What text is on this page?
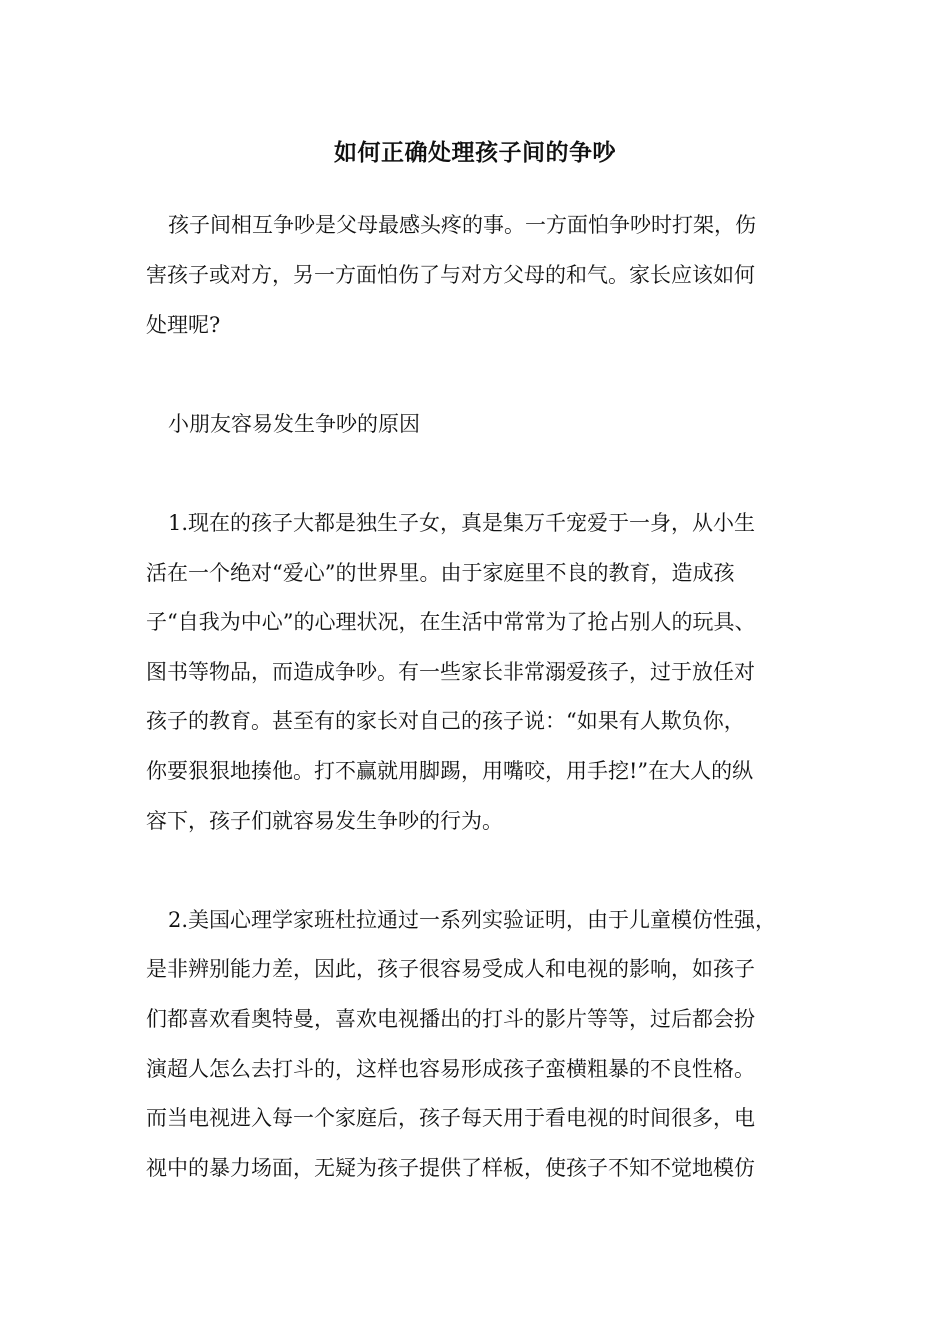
如何正确处理孩子间的争吵
孩子间相互争吵是父母最感头疼的事。一方面怕争吵时打架，伤
害孩子或对方，另一方面怕伤了与对方父母的和气。家长应该如何
处理呢?
小朋友容易发生争吵的原因
1.现在的孩子大都是独生子女，真是集万千宠爱于一身，从小生
活在一个绝对“爱心”的世界里。由于家庭里不良的教育，造成孩
子“自我为中心”的心理状况，在生活中常常为了抢占别人的玩具、
图书等物品，而造成争吵。有一些家长非常溺爱孩子，过于放任对
孩子的教育。甚至有的家长对自己的孩子说：“如果有人欺负你，
你要狠狠地揍他。打不赢就用脚踢，用嘴咬，用手挖!”在大人的纵
容下，孩子们就容易发生争吵的行为。
2.美国心理学家班杜拉通过一系列实验证明，由于儿童模仿性强，
是非辨别能力差，因此，孩子很容易受成人和电视的影响，如孩子
们都喜欢看奥特曼，喜欢电视播出的打斗的影片等等，过后都会扮
演超人怎么去打斗的，这样也容易形成孩子蛮横粗暴的不良性格。
而当电视进入每一个家庭后，孩子每天用于看电视的时间很多，电
视中的暴力场面，无疑为孩子提供了样板，使孩子不知不觉地模仿
